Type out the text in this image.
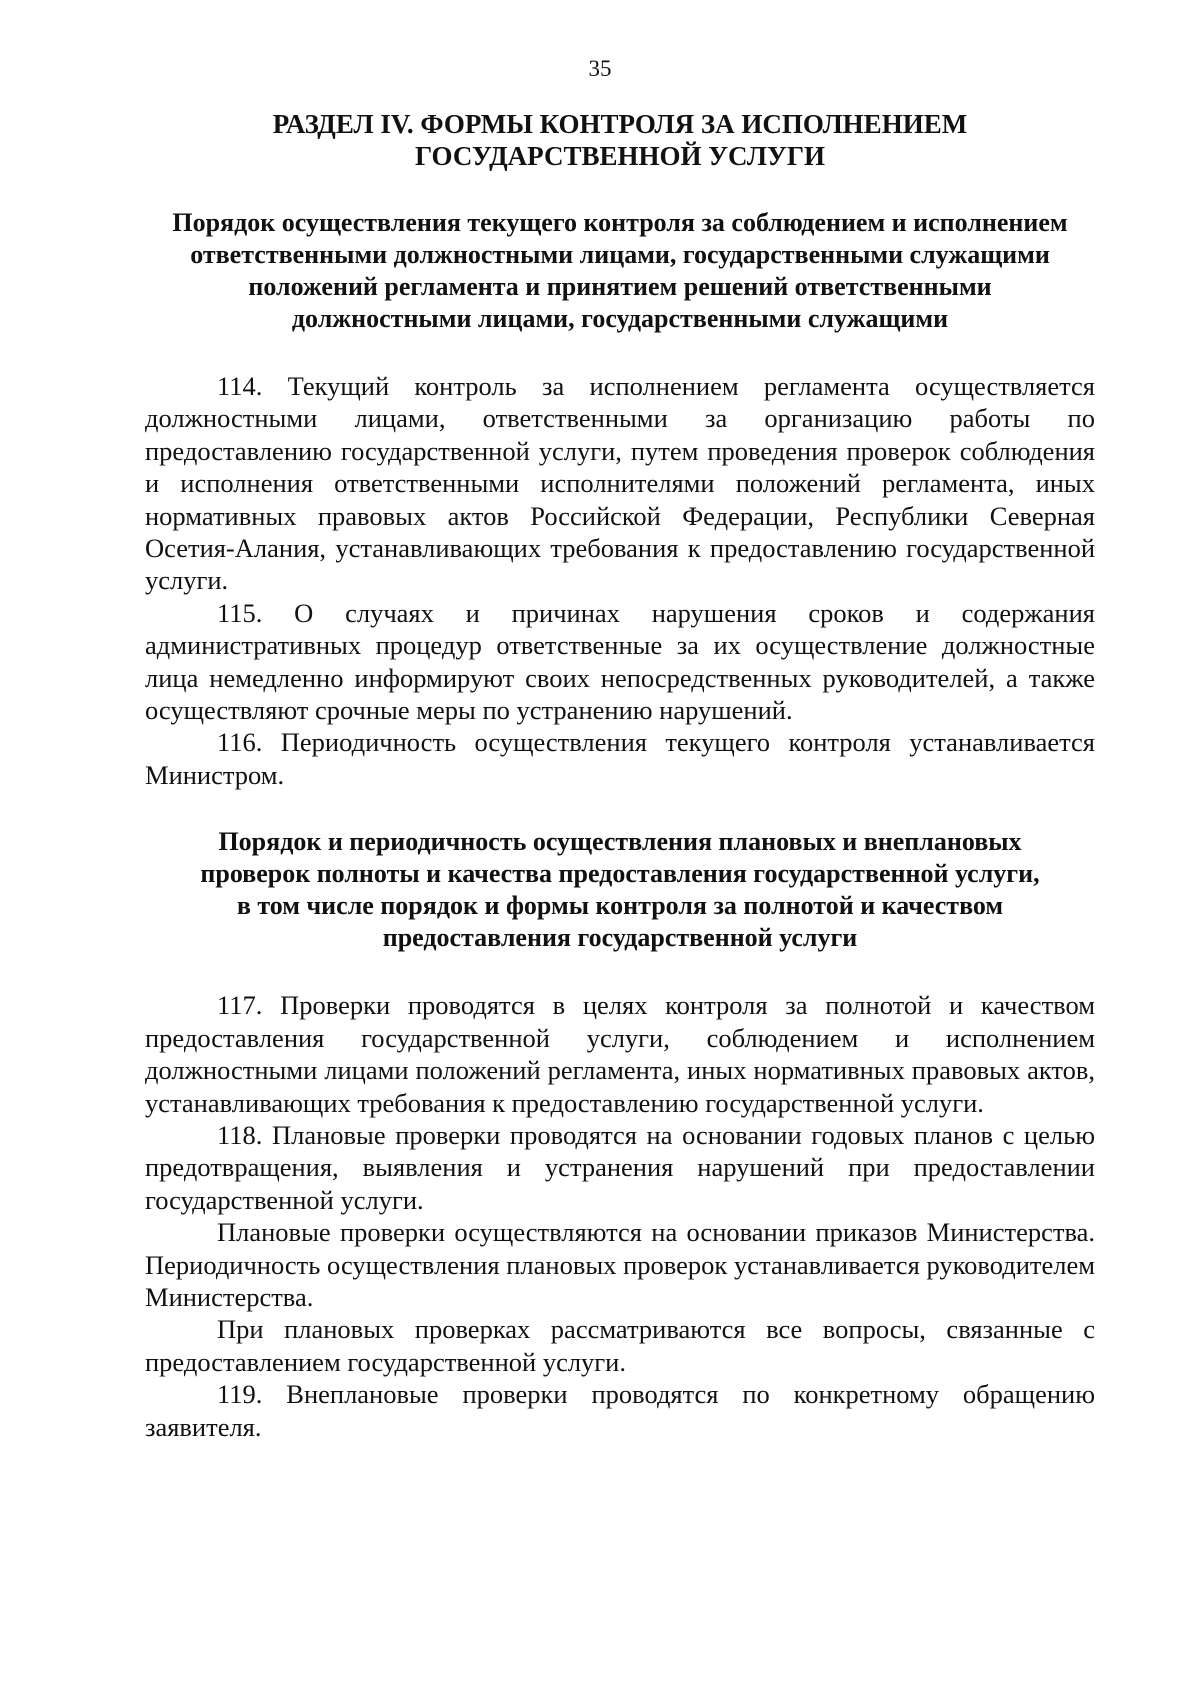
35
РАЗДЕЛ IV. ФОРМЫ КОНТРОЛЯ ЗА ИСПОЛНЕНИЕМ ГОСУДАРСТВЕННОЙ УСЛУГИ
Порядок осуществления текущего контроля за соблюдением и исполнением ответственными должностными лицами, государственными служащими положений регламента и принятием решений ответственными должностными лицами, государственными служащими

114. Текущий контроль за исполнением регламента осуществляется должностными лицами, ответственными за организацию работы по предоставлению государственной услуги, путем проведения проверок соблюдения и исполнения ответственными исполнителями положений регламента, иных нормативных правовых актов Российской Федерации, Республики Северная Осетия-Алания, устанавливающих требования к предоставлению государственной услуги.

115. О случаях и причинах нарушения сроков и содержания административных процедур ответственные за их осуществление должностные лица немедленно информируют своих непосредственных руководителей, а также осуществляют срочные меры по устранению нарушений.

116. Периодичность осуществления текущего контроля устанавливается Министром.

Порядок и периодичность осуществления плановых и внеплановых проверок полноты и качества предоставления государственной услуги, в том числе порядок и формы контроля за полнотой и качеством предоставления государственной услуги

117. Проверки проводятся в целях контроля за полнотой и качеством предоставления государственной услуги, соблюдением и исполнением должностными лицами положений регламента, иных нормативных правовых актов, устанавливающих требования к предоставлению государственной услуги.

118. Плановые проверки проводятся на основании годовых планов с целью предотвращения, выявления и устранения нарушений при предоставлении государственной услуги.

Плановые проверки осуществляются на основании приказов Министерства. Периодичность осуществления плановых проверок устанавливается руководителем Министерства.

При плановых проверках рассматриваются все вопросы, связанные с предоставлением государственной услуги.

119. Внеплановые проверки проводятся по конкретному обращению заявителя.
